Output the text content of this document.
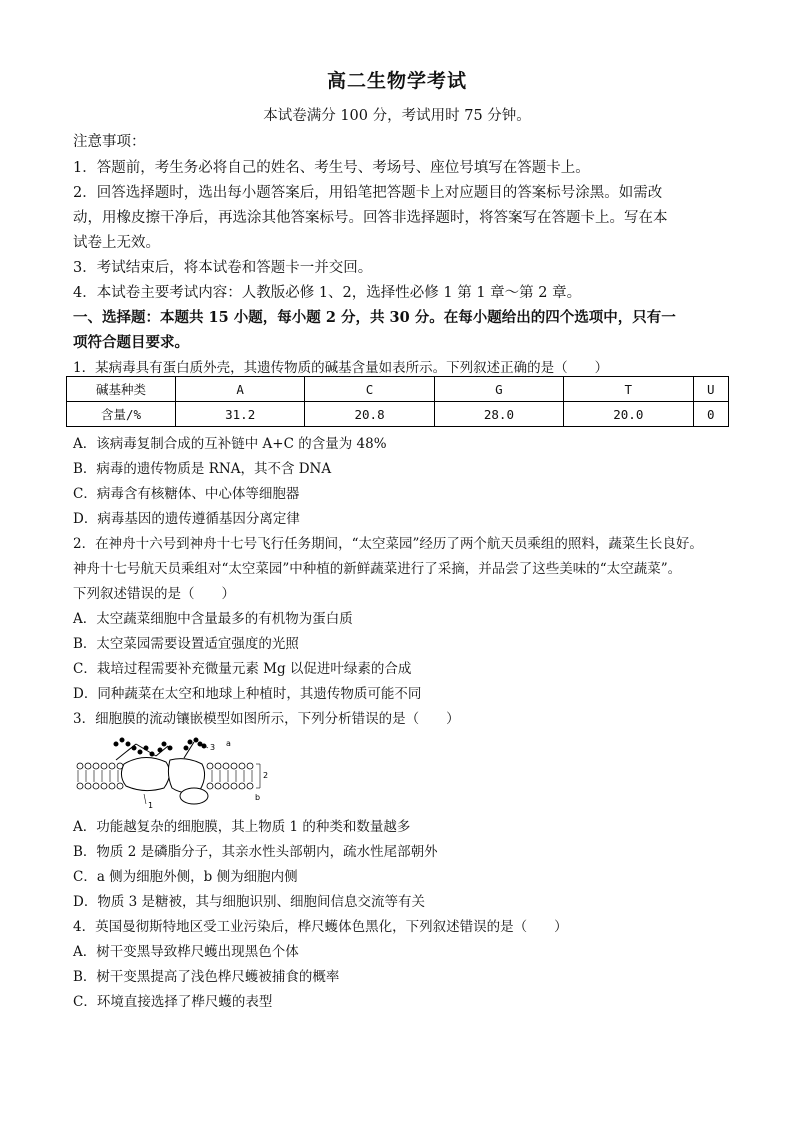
高二生物学考试
本试卷满分 100 分，考试用时 75 分钟。
注意事项：
1．答题前，考生务必将自己的姓名、考生号、考场号、座位号填写在答题卡上。
2．回答选择题时，选出每小题答案后，用铅笔把答题卡上对应题目的答案标号涂黑。如需改
动，用橡皮擦干净后，再选涂其他答案标号。回答非选择题时，将答案写在答题卡上。写在本
试卷上无效。
3．考试结束后，将本试卷和答题卡一并交回。
4．本试卷主要考试内容：人教版必修 1、2，选择性必修 1 第 1 章～第 2 章。
一、选择题：本题共 15 小题，每小题 2 分，共 30 分。在每小题给出的四个选项中，只有一
项符合题目要求。
1．某病毒具有蛋白质外壳，其遗传物质的碱基含量如表所示。下列叙述正确的是（　　）
碱基种类	A	C	G	T	U
含量/%	31.2	20.8	28.0	20.0	0
A．该病毒复制合成的互补链中 A+C 的含量为 48%
B．病毒的遗传物质是 RNA，其不含 DNA
C．病毒含有核糖体、中心体等细胞器
D．病毒基因的遗传遵循基因分离定律
2．在神舟十六号到神舟十七号飞行任务期间，“太空菜园”经历了两个航天员乘组的照料，蔬菜生长良好。
神舟十七号航天员乘组对“太空菜园”中种植的新鲜蔬菜进行了采摘，并品尝了这些美味的“太空蔬菜”。
下列叙述错误的是（　　）
A．太空蔬菜细胞中含量最多的有机物为蛋白质
B．太空菜园需要设置适宜强度的光照
C．栽培过程需要补充微量元素 Mg 以促进叶绿素的合成
D．同种蔬菜在太空和地球上种植时，其遗传物质可能不同
3．细胞膜的流动镶嵌模型如图所示，下列分析错误的是（　　）
3 a
2
b
1
A．功能越复杂的细胞膜，其上物质 1 的种类和数量越多
B．物质 2 是磷脂分子，其亲水性头部朝内，疏水性尾部朝外
C．a 侧为细胞外侧，b 侧为细胞内侧
D．物质 3 是糖被，其与细胞识别、细胞间信息交流等有关
4．英国曼彻斯特地区受工业污染后，桦尺蠖体色黑化，下列叙述错误的是（　　）
A．树干变黑导致桦尺蠖出现黑色个体
B．树干变黑提高了浅色桦尺蠖被捕食的概率
C．环境直接选择了桦尺蠖的表型
